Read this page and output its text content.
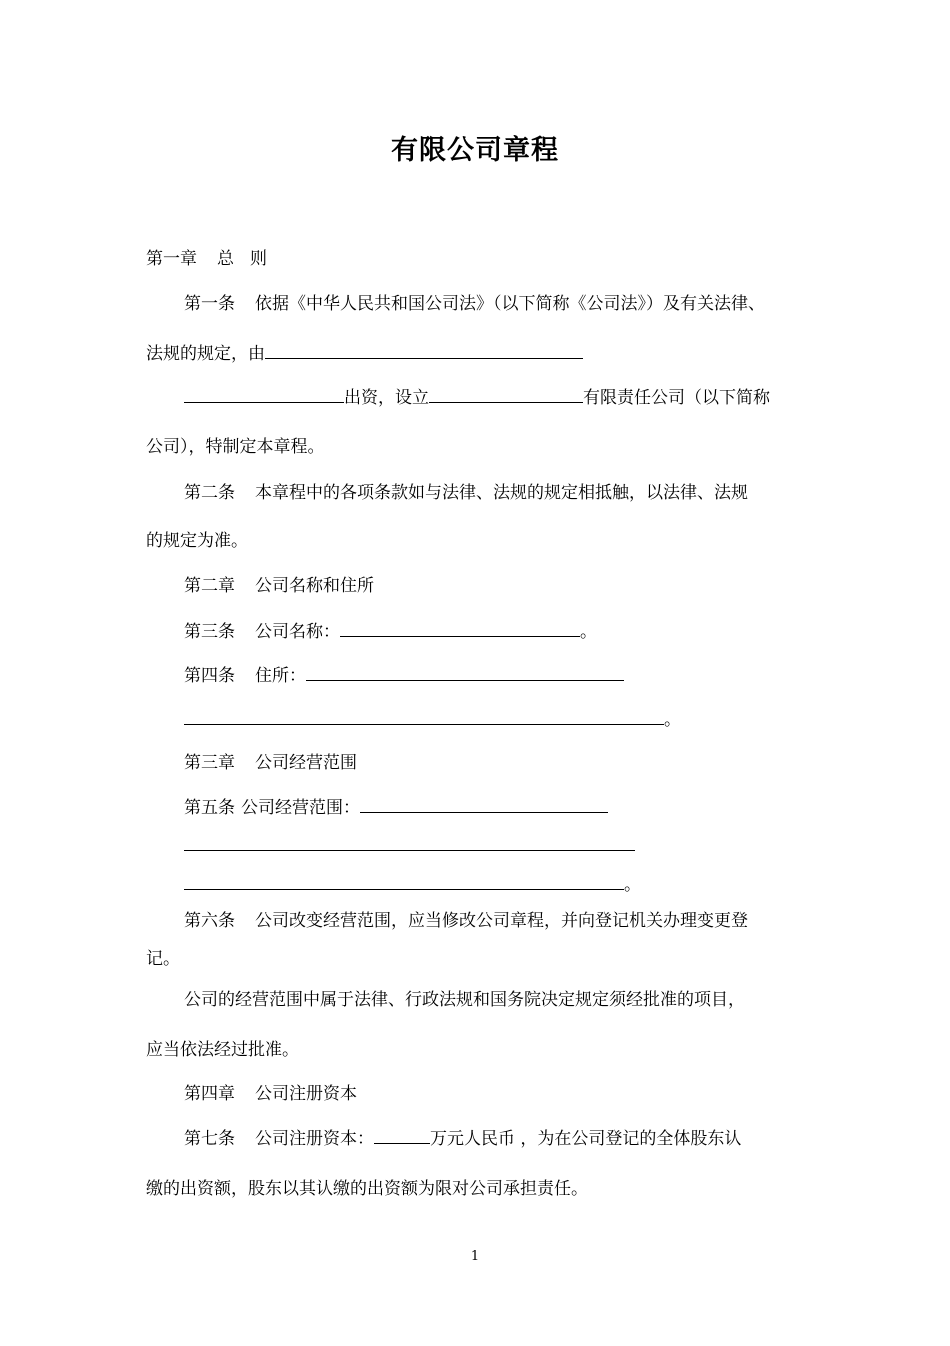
有限公司章程
第一章 总 则
第一条 依据《中华人民共和国公司法》（以下简称《公司法》）及有关法律、
法规的规定，由
出资，设立	有限责任公司（以下简称
公司），特制定本章程。
第二条 本章程中的各项条款如与法律、法规的规定相抵触，以法律、法规
的规定为准。
第二章 公司名称和住所
第三条 公司名称：	。
第四条 住所：
。
第三章 公司经营范围
第五条 公司经营范围：
。
第六条 公司改变经营范围，应当修改公司章程，并向登记机关办理变更登
记。
公司的经营范围中属于法律、行政法规和国务院决定规定须经批准的项目，
应当依法经过批准。
第四章 公司注册资本
第七条 公司注册资本：	万元人民币 ，为在公司登记的全体股东认
缴的出资额，股东以其认缴的出资额为限对公司承担责任。
1
